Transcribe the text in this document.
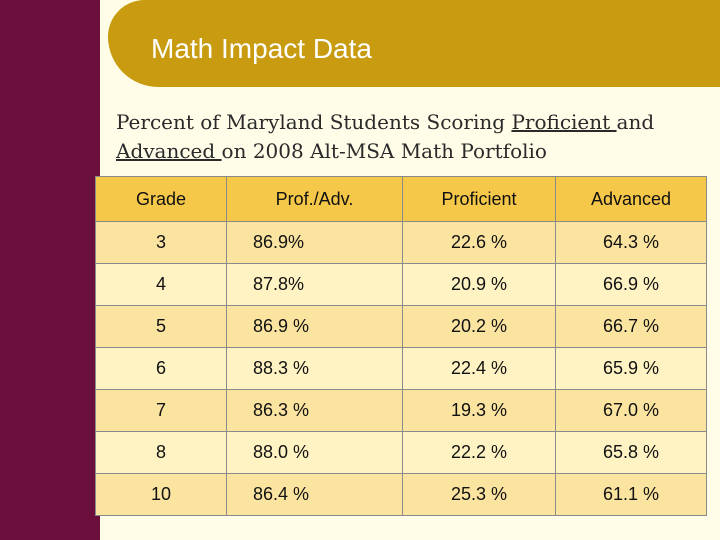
Math Impact Data
Percent of Maryland Students Scoring Proficient and
Advanced on 2008 Alt-MSA Math Portfolio
Grade	Prof./Adv.	Proficient	Advanced
3	86.9%	22.6 %	64.3 %
4	87.8%	20.9 %	66.9 %
5	86.9 %	20.2 %	66.7 %
6	88.3 %	22.4 %	65.9 %
7	86.3 %	19.3 %	67.0 %
8	88.0 %	22.2 %	65.8 %
10	86.4 %	25.3 %	61.1 %
